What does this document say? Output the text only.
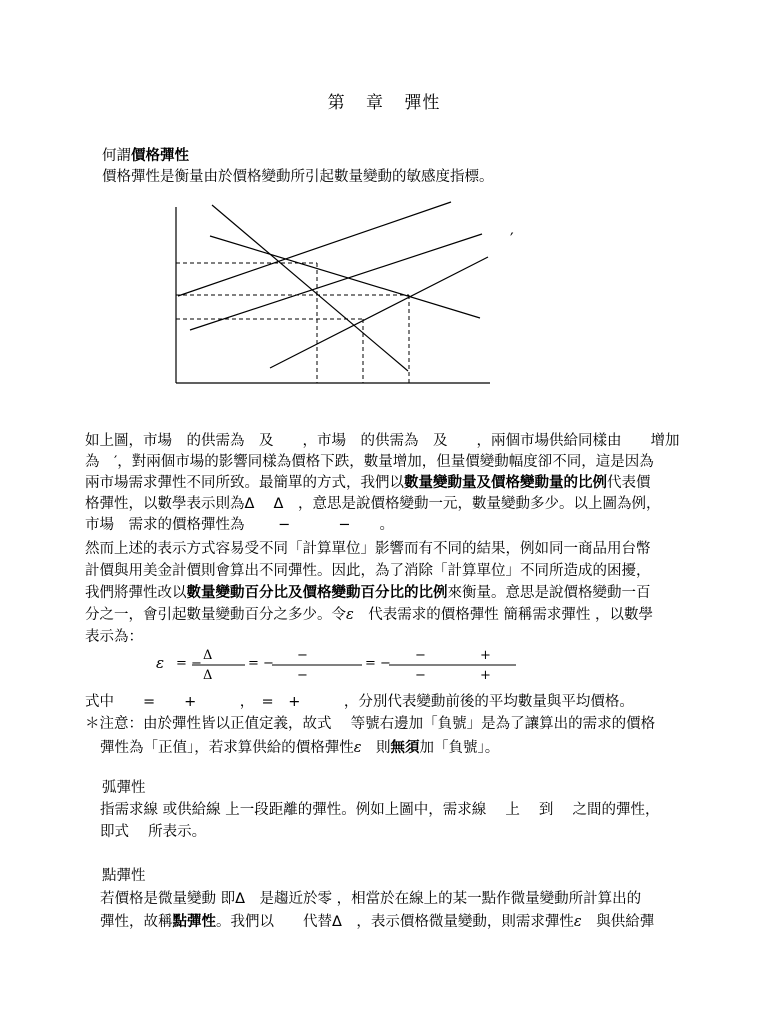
第 章 彈性
何謂價格彈性
價格彈性是衡量由於價格變動所引起數量變動的敏感度指標。
′
如上圖，市場　的供需為　及　　，市場　的供需為　及　　，兩個市場供給同樣由　　增加
為　′，對兩個市場的影響同樣為價格下跌，數量增加，但量價變動幅度卻不同，這是因為
兩市場需求彈性不同所致。最簡單的方式，我們以數量變動量及價格變動量的比例代表價
格彈性，以數學表示則為Δ　 Δ　，意思是說價格變動一元，數量變動多少。以上圖為例，
市場　需求的價格彈性為　　 −　　　 −　　。
然而上述的表示方式容易受不同「計算單位」影響而有不同的結果，例如同一商品用台幣
計價與用美金計價則會算出不同彈性。因此，為了消除「計算單位」不同所造成的困擾，
我們將彈性改以數量變動百分比及價格變動百分比的比例來衡量。意思是說價格變動一百
分之一，會引起數量變動百分之多少。令ε　代表需求的價格彈性 簡稱需求彈性 ，以數學
表示為：
ε = −
Δ
Δ
= −
−
−
= −
−	+
−	+
式中　　=　　+　　　，　=　+　　　，分別代表變動前後的平均數量與平均價格。
＊注意：由於彈性皆以正值定義，故式　 等號右邊加「負號」是為了讓算出的需求的價格
彈性為「正值」，若求算供給的價格彈性ε　則無須加「負號」。
弧彈性
指需求線 或供給線 上一段距離的彈性。例如上圖中，需求線　 上　 到　 之間的彈性，
即式　 所表示。
點彈性
若價格是微量變動 即Δ　是趨近於零 ，相當於在線上的某一點作微量變動所計算出的
彈性，故稱點彈性。我們以　　代替Δ　，表示價格微量變動，則需求彈性ε　與供給彈
